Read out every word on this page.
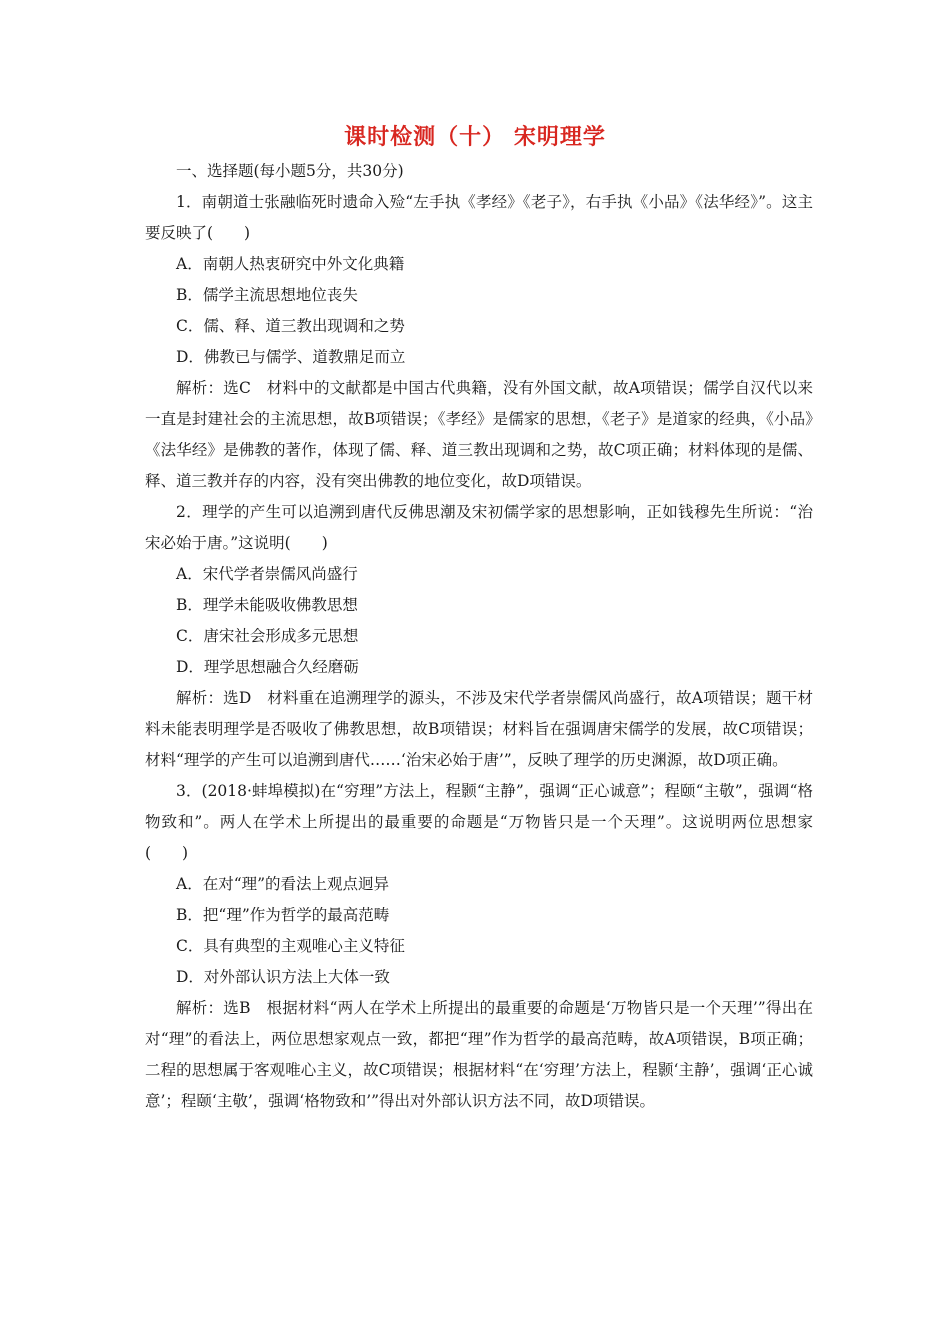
课时检测（十） 宋明理学

一、选择题(每小题5分，共30分)

1．南朝道士张融临死时遗命入殓“左手执《孝经》《老子》，右手执《小品》《法华经》”。这主要反映了(　　)

A．南朝人热衷研究中外文化典籍

B．儒学主流思想地位丧失

C．儒、释、道三教出现调和之势

D．佛教已与儒学、道教鼎足而立

解析：选C　材料中的文献都是中国古代典籍，没有外国文献，故A项错误；儒学自汉代以来一直是封建社会的主流思想，故B项错误；《孝经》是儒家的思想，《老子》是道家的经典，《小品》《法华经》是佛教的著作，体现了儒、释、道三教出现调和之势，故C项正确；材料体现的是儒、释、道三教并存的内容，没有突出佛教的地位变化，故D项错误。

2．理学的产生可以追溯到唐代反佛思潮及宋初儒学家的思想影响，正如钱穆先生所说：“治宋必始于唐。”这说明(　　)

A．宋代学者崇儒风尚盛行

B．理学未能吸收佛教思想

C．唐宋社会形成多元思想

D．理学思想融合久经磨砺

解析：选D　材料重在追溯理学的源头，不涉及宋代学者崇儒风尚盛行，故A项错误；题干材料未能表明理学是否吸收了佛教思想，故B项错误；材料旨在强调唐宋儒学的发展，故C项错误；材料“理学的产生可以追溯到唐代……‘治宋必始于唐’”，反映了理学的历史渊源，故D项正确。

3．(2018·蚌埠模拟)在“穷理”方法上，程颢“主静”，强调“正心诚意”；程颐“主敬”，强调“格物致和”。两人在学术上所提出的最重要的命题是“万物皆只是一个天理”。这说明两位思想家(　　)

A．在对“理”的看法上观点迥异

B．把“理”作为哲学的最高范畴

C．具有典型的主观唯心主义特征

D．对外部认识方法上大体一致

解析：选B　根据材料“两人在学术上所提出的最重要的命题是‘万物皆只是一个天理’”得出在对“理”的看法上，两位思想家观点一致，都把“理”作为哲学的最高范畴，故A项错误，B项正确；二程的思想属于客观唯心主义，故C项错误；根据材料“在‘穷理’方法上，程颢‘主静’，强调‘正心诚意’；程颐‘主敬’，强调‘格物致和’”得出对外部认识方法不同，故D项错误。
